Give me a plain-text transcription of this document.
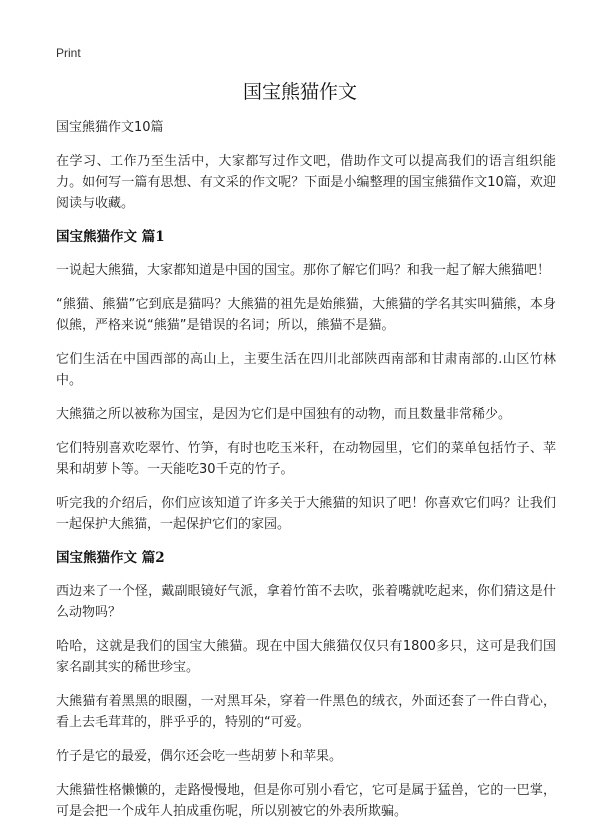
Print
国宝熊猫作文
国宝熊猫作文10篇

在学习、工作乃至生活中，大家都写过作文吧，借助作文可以提高我们的语言组织能力。如何写一篇有思想、有文采的作文呢？下面是小编整理的国宝熊猫作文10篇，欢迎阅读与收藏。

国宝熊猫作文 篇1

一说起大熊猫，大家都知道是中国的国宝。那你了解它们吗？和我一起了解大熊猫吧！

“熊猫、熊猫”它到底是猫吗？大熊猫的祖先是始熊猫，大熊猫的学名其实叫猫熊，本身似熊，严格来说“熊猫”是错误的名词；所以，熊猫不是猫。

它们生活在中国西部的高山上，主要生活在四川北部陕西南部和甘肃南部的.山区竹林中。

大熊猫之所以被称为国宝，是因为它们是中国独有的动物，而且数量非常稀少。

它们特别喜欢吃翠竹、竹笋，有时也吃玉米秆，在动物园里，它们的菜单包括竹子、苹果和胡萝卜等。一天能吃30千克的竹子。

听完我的介绍后，你们应该知道了许多关于大熊猫的知识了吧！你喜欢它们吗？让我们一起保护大熊猫，一起保护它们的家园。

国宝熊猫作文 篇2

西边来了一个怪，戴副眼镜好气派，拿着竹笛不去吹，张着嘴就吃起来，你们猜这是什么动物吗？

哈哈，这就是我们的国宝大熊猫。现在中国大熊猫仅仅只有1800多只，这可是我们国家名副其实的稀世珍宝。

大熊猫有着黑黑的眼圈，一对黑耳朵，穿着一件黑色的绒衣，外面还套了一件白背心，看上去毛茸茸的，胖乎乎的，特别的“可爱。

竹子是它的最爱，偶尔还会吃一些胡萝卜和苹果。

大熊猫性格懒懒的，走路慢慢地，但是你可别小看它，它可是属于猛兽，它的一巴掌，可是会把一个成年人拍成重伤呢，所以别被它的外表所欺骗。
